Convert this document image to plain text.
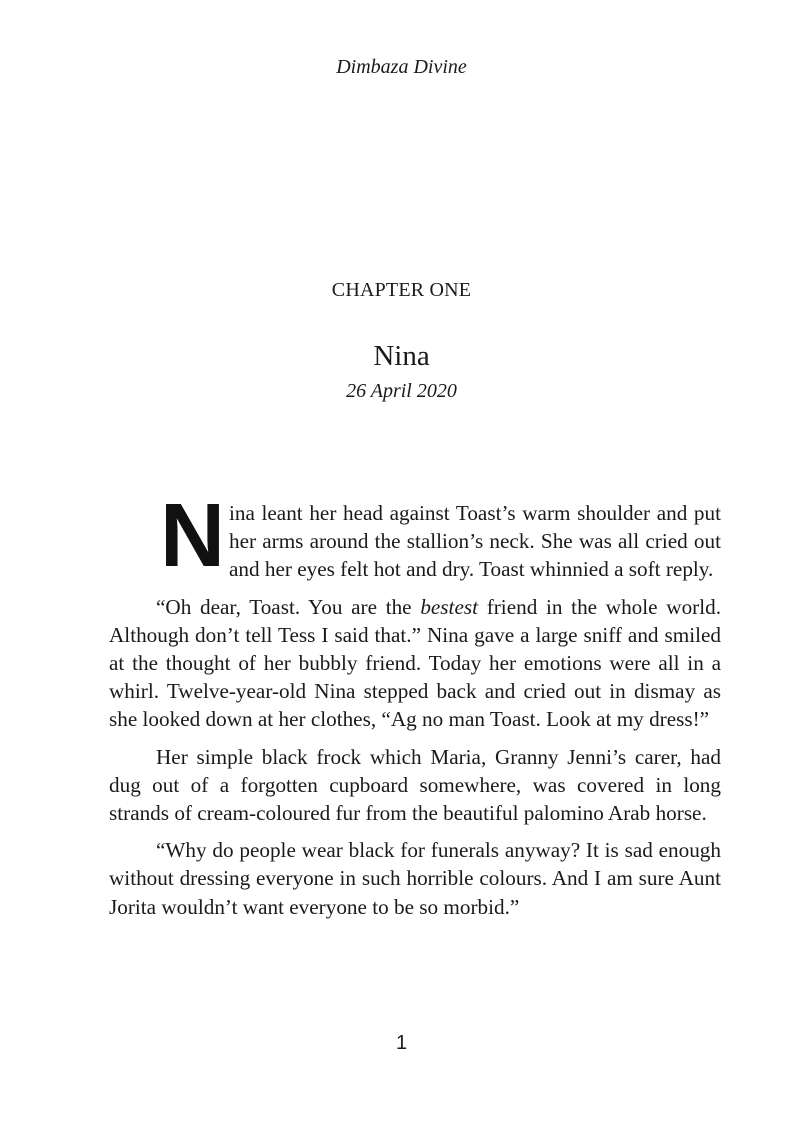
Dimbaza Divine
CHAPTER ONE
Nina
26 April 2020

Nina leant her head against Toast’s warm shoulder and put her arms around the stallion’s neck. She was all cried out and her eyes felt hot and dry. Toast whinnied a soft reply.

“Oh dear, Toast. You are the bestest friend in the whole world. Although don’t tell Tess I said that.” Nina gave a large sniff and smiled at the thought of her bubbly friend. Today her emotions were all in a whirl. Twelve-year-old Nina stepped back and cried out in dismay as she looked down at her clothes, “Ag no man Toast. Look at my dress!”

Her simple black frock which Maria, Granny Jenni’s carer, had dug out of a forgotten cupboard somewhere, was covered in long strands of cream-coloured fur from the beautiful palomino Arab horse.

“Why do people wear black for funerals anyway? It is sad enough without dressing everyone in such horrible colours. And I am sure Aunt Jorita wouldn’t want everyone to be so morbid.”

1
